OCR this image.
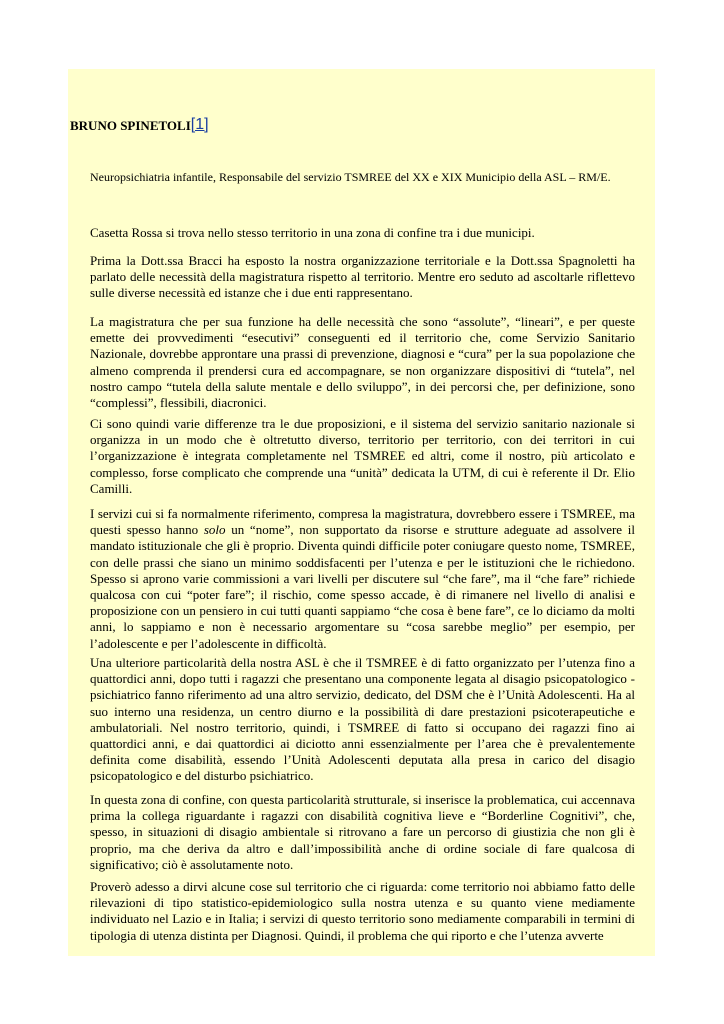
BRUNO SPINETOLI[1]
Neuropsichiatria infantile, Responsabile del servizio TSMREE del XX e XIX Municipio della ASL – RM/E.

Casetta Rossa si trova nello stesso territorio in una zona di confine tra i due municipi.

Prima la Dott.ssa Bracci ha esposto la nostra organizzazione territoriale e la Dott.ssa Spagnoletti ha parlato delle necessità della magistratura rispetto al territorio. Mentre ero seduto ad ascoltarle riflettevo sulle diverse necessità ed istanze che i due enti rappresentano.

La magistratura che per sua funzione ha delle necessità che sono “assolute”, “lineari”, e per queste emette dei provvedimenti “esecutivi” conseguenti ed il territorio che, come Servizio Sanitario Nazionale, dovrebbe approntare una prassi di prevenzione, diagnosi e “cura” per la sua popolazione che almeno comprenda il prendersi cura ed accompagnare, se non organizzare dispositivi di “tutela”, nel nostro campo “tutela della salute mentale e dello sviluppo”, in dei percorsi che, per definizione, sono “complessi”, flessibili, diacronici.

Ci sono quindi varie differenze tra le due proposizioni, e il sistema del servizio sanitario nazionale si organizza in un modo che è oltretutto diverso, territorio per territorio, con dei territori in cui l’organizzazione è integrata completamente nel TSMREE ed altri, come il nostro, più articolato e complesso, forse complicato che comprende una “unità” dedicata la UTM, di cui è referente il Dr. Elio Camilli.

I servizi cui si fa normalmente riferimento, compresa la magistratura, dovrebbero essere i TSMREE, ma questi spesso hanno solo un “nome”, non supportato da risorse e strutture adeguate ad assolvere il mandato istituzionale che gli è proprio. Diventa quindi difficile poter coniugare questo nome, TSMREE, con delle prassi che siano un minimo soddisfacenti per l’utenza e per le istituzioni che le richiedono. Spesso si aprono varie commissioni a vari livelli per discutere sul “che fare”, ma il “che fare” richiede qualcosa con cui “poter fare”; il rischio, come spesso accade, è di rimanere nel livello di analisi e proposizione con un pensiero in cui tutti quanti sappiamo “che cosa è bene fare”, ce lo diciamo da molti anni, lo sappiamo e non è necessario argomentare su “cosa sarebbe meglio” per esempio, per l’adolescente e per l’adolescente in difficoltà.

Una ulteriore particolarità della nostra ASL è che il TSMREE è di fatto organizzato per l’utenza fino a quattordici anni, dopo tutti i ragazzi che presentano una componente legata al disagio psicopatologico - psichiatrico fanno riferimento ad una altro servizio, dedicato, del DSM che è l’Unità Adolescenti. Ha al suo interno una residenza, un centro diurno e la possibilità di dare prestazioni psicoterapeutiche e ambulatoriali. Nel nostro territorio, quindi, i TSMREE di fatto si occupano dei ragazzi fino ai quattordici anni, e dai quattordici ai diciotto anni essenzialmente per l’area che è prevalentemente definita come disabilità, essendo l’Unità Adolescenti deputata alla presa in carico del disagio psicopatologico e del disturbo psichiatrico.

In questa zona di confine, con questa particolarità strutturale, si inserisce la problematica, cui accennava prima la collega riguardante i ragazzi con disabilità cognitiva lieve e “Borderline Cognitivi”, che, spesso, in situazioni di disagio ambientale si ritrovano a fare un percorso di giustizia che non gli è proprio, ma che deriva da altro e dall’impossibilità anche di ordine sociale di fare qualcosa di significativo; ciò è assolutamente noto.

Proverò adesso a dirvi alcune cose sul territorio che ci riguarda: come territorio noi abbiamo fatto delle rilevazioni di tipo statistico-epidemiologico sulla nostra utenza e su quanto viene mediamente individuato nel Lazio e in Italia; i servizi di questo territorio sono mediamente comparabili in termini di tipologia di utenza distinta per Diagnosi. Quindi, il problema che qui riporto e che l’utenza avverte
